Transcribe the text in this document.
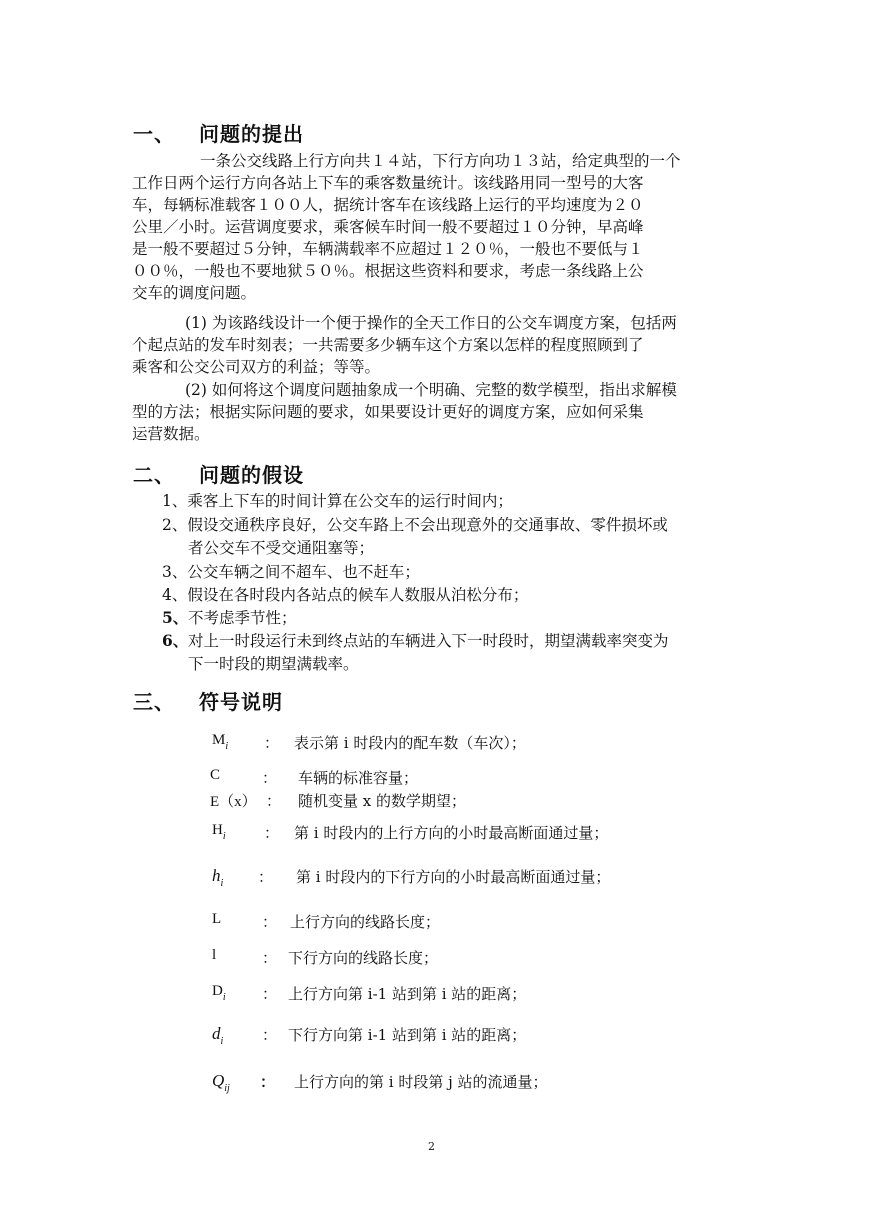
一、 问题的提出
一条公交线路上行方向共１４站，下行方向功１３站，给定典型的一个
工作日两个运行方向各站上下车的乘客数量统计。该线路用同一型号的大客
车，每辆标准载客１００人，据统计客车在该线路上运行的平均速度为２０
公里／小时。运营调度要求，乘客候车时间一般不要超过１０分钟，早高峰
是一般不要超过５分钟，车辆满载率不应超过１２０％，一般也不要低与１
００％，一般也不要地狱５０％。根据这些资料和要求，考虑一条线路上公
交车的调度问题。
(1) 为该路线设计一个便于操作的全天工作日的公交车调度方案，包括两
个起点站的发车时刻表；一共需要多少辆车这个方案以怎样的程度照顾到了
乘客和公交公司双方的利益；等等。
(2) 如何将这个调度问题抽象成一个明确、完整的数学模型，指出求解模
型的方法；根据实际问题的要求，如果要设计更好的调度方案，应如何采集
运营数据。
二、 问题的假设
1、乘客上下车的时间计算在公交车的运行时间内；
2、假设交通秩序良好，公交车路上不会出现意外的交通事故、零件损坏或
者公交车不受交通阻塞等；
3、公交车辆之间不超车、也不赶车；
4、假设在各时段内各站点的候车人数服从泊松分布；
5、不考虑季节性；
6、对上一时段运行未到终点站的车辆进入下一时段时，期望满载率突变为
下一时段的期望满载率。
三、 符号说明
$M_i$ ： 表示第 i 时段内的配车数（车次）；
C	： 车辆的标准容量；
E（x） ： 随机变量 x 的数学期望；
$H_i$	： 第 i 时段内的上行方向的小时最高断面通过量；
$h_i$ ： 第 i 时段内的下行方向的小时最高断面通过量；
L	： 上行方向的线路长度；
l	： 下行方向的线路长度；
$D_i$ ： 上行方向第 i-1 站到第 i 站的距离；
$d_i$	： 下行方向第 i-1 站到第 i 站的距离；
$Q_{ij}$ ： 上行方向的第 i 时段第 j 站的流通量；
2
